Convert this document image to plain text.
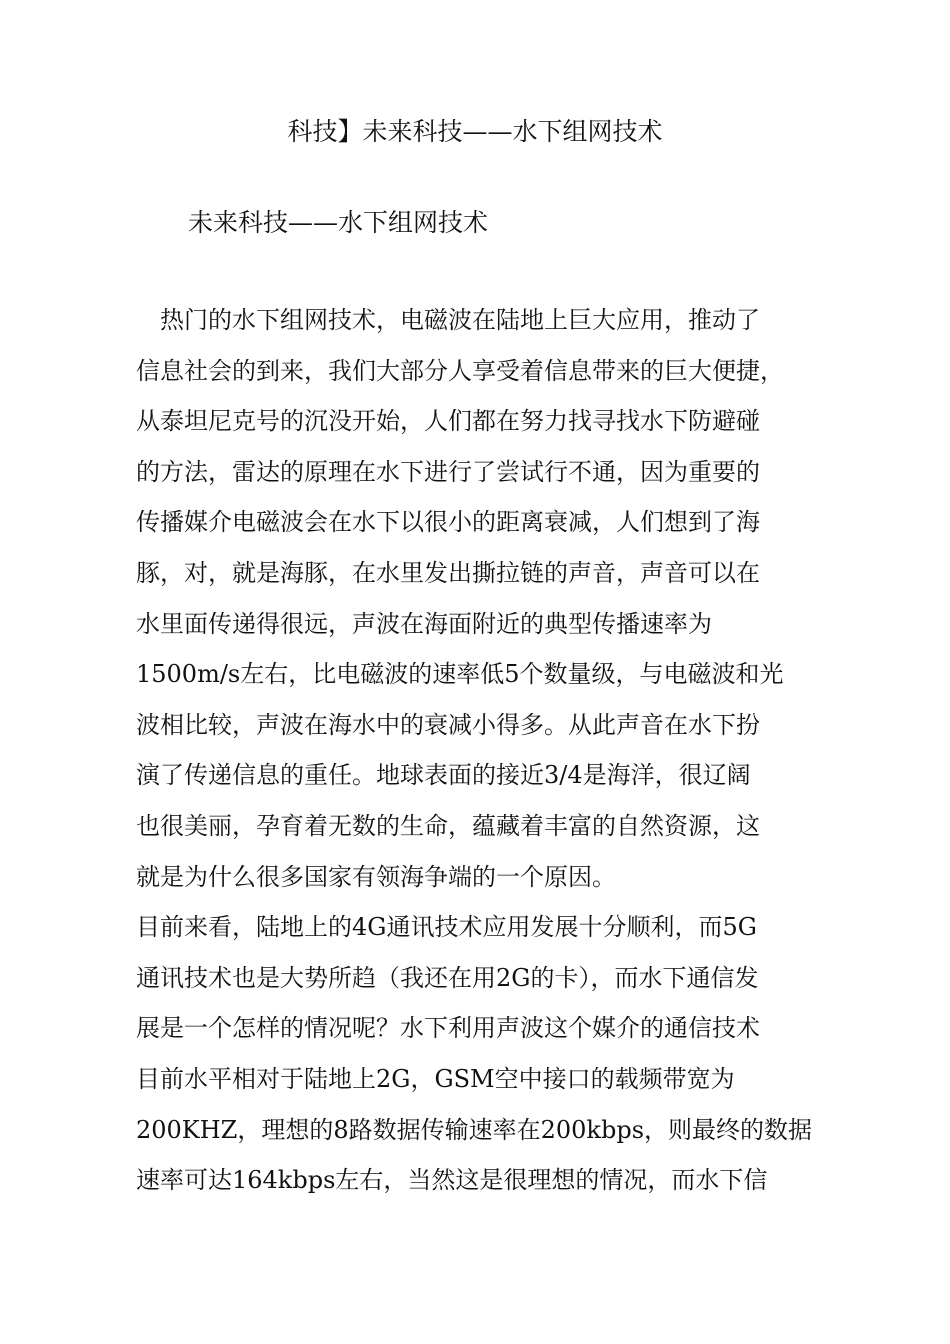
科技】未来科技——水下组网技术
未来科技——水下组网技术
　热门的水下组网技术，电磁波在陆地上巨大应用，推动了
信息社会的到来，我们大部分人享受着信息带来的巨大便捷，
从泰坦尼克号的沉没开始，人们都在努力找寻找水下防避碰
的方法，雷达的原理在水下进行了尝试行不通，因为重要的
传播媒介电磁波会在水下以很小的距离衰减，人们想到了海
豚，对，就是海豚，在水里发出撕拉链的声音，声音可以在
水里面传递得很远，声波在海面附近的典型传播速率为
1500m/s左右，比电磁波的速率低5个数量级，与电磁波和光
波相比较，声波在海水中的衰减小得多。从此声音在水下扮
演了传递信息的重任。地球表面的接近3/4是海洋，很辽阔
也很美丽，孕育着无数的生命，蕴藏着丰富的自然资源，这
就是为什么很多国家有领海争端的一个原因。
目前来看，陆地上的4G通讯技术应用发展十分顺利，而5G
通讯技术也是大势所趋（我还在用2G的卡），而水下通信发
展是一个怎样的情况呢？水下利用声波这个媒介的通信技术
目前水平相对于陆地上2G，GSM空中接口的载频带宽为
200KHZ，理想的8路数据传输速率在200kbps，则最终的数据
速率可达164kbps左右，当然这是很理想的情况，而水下信
